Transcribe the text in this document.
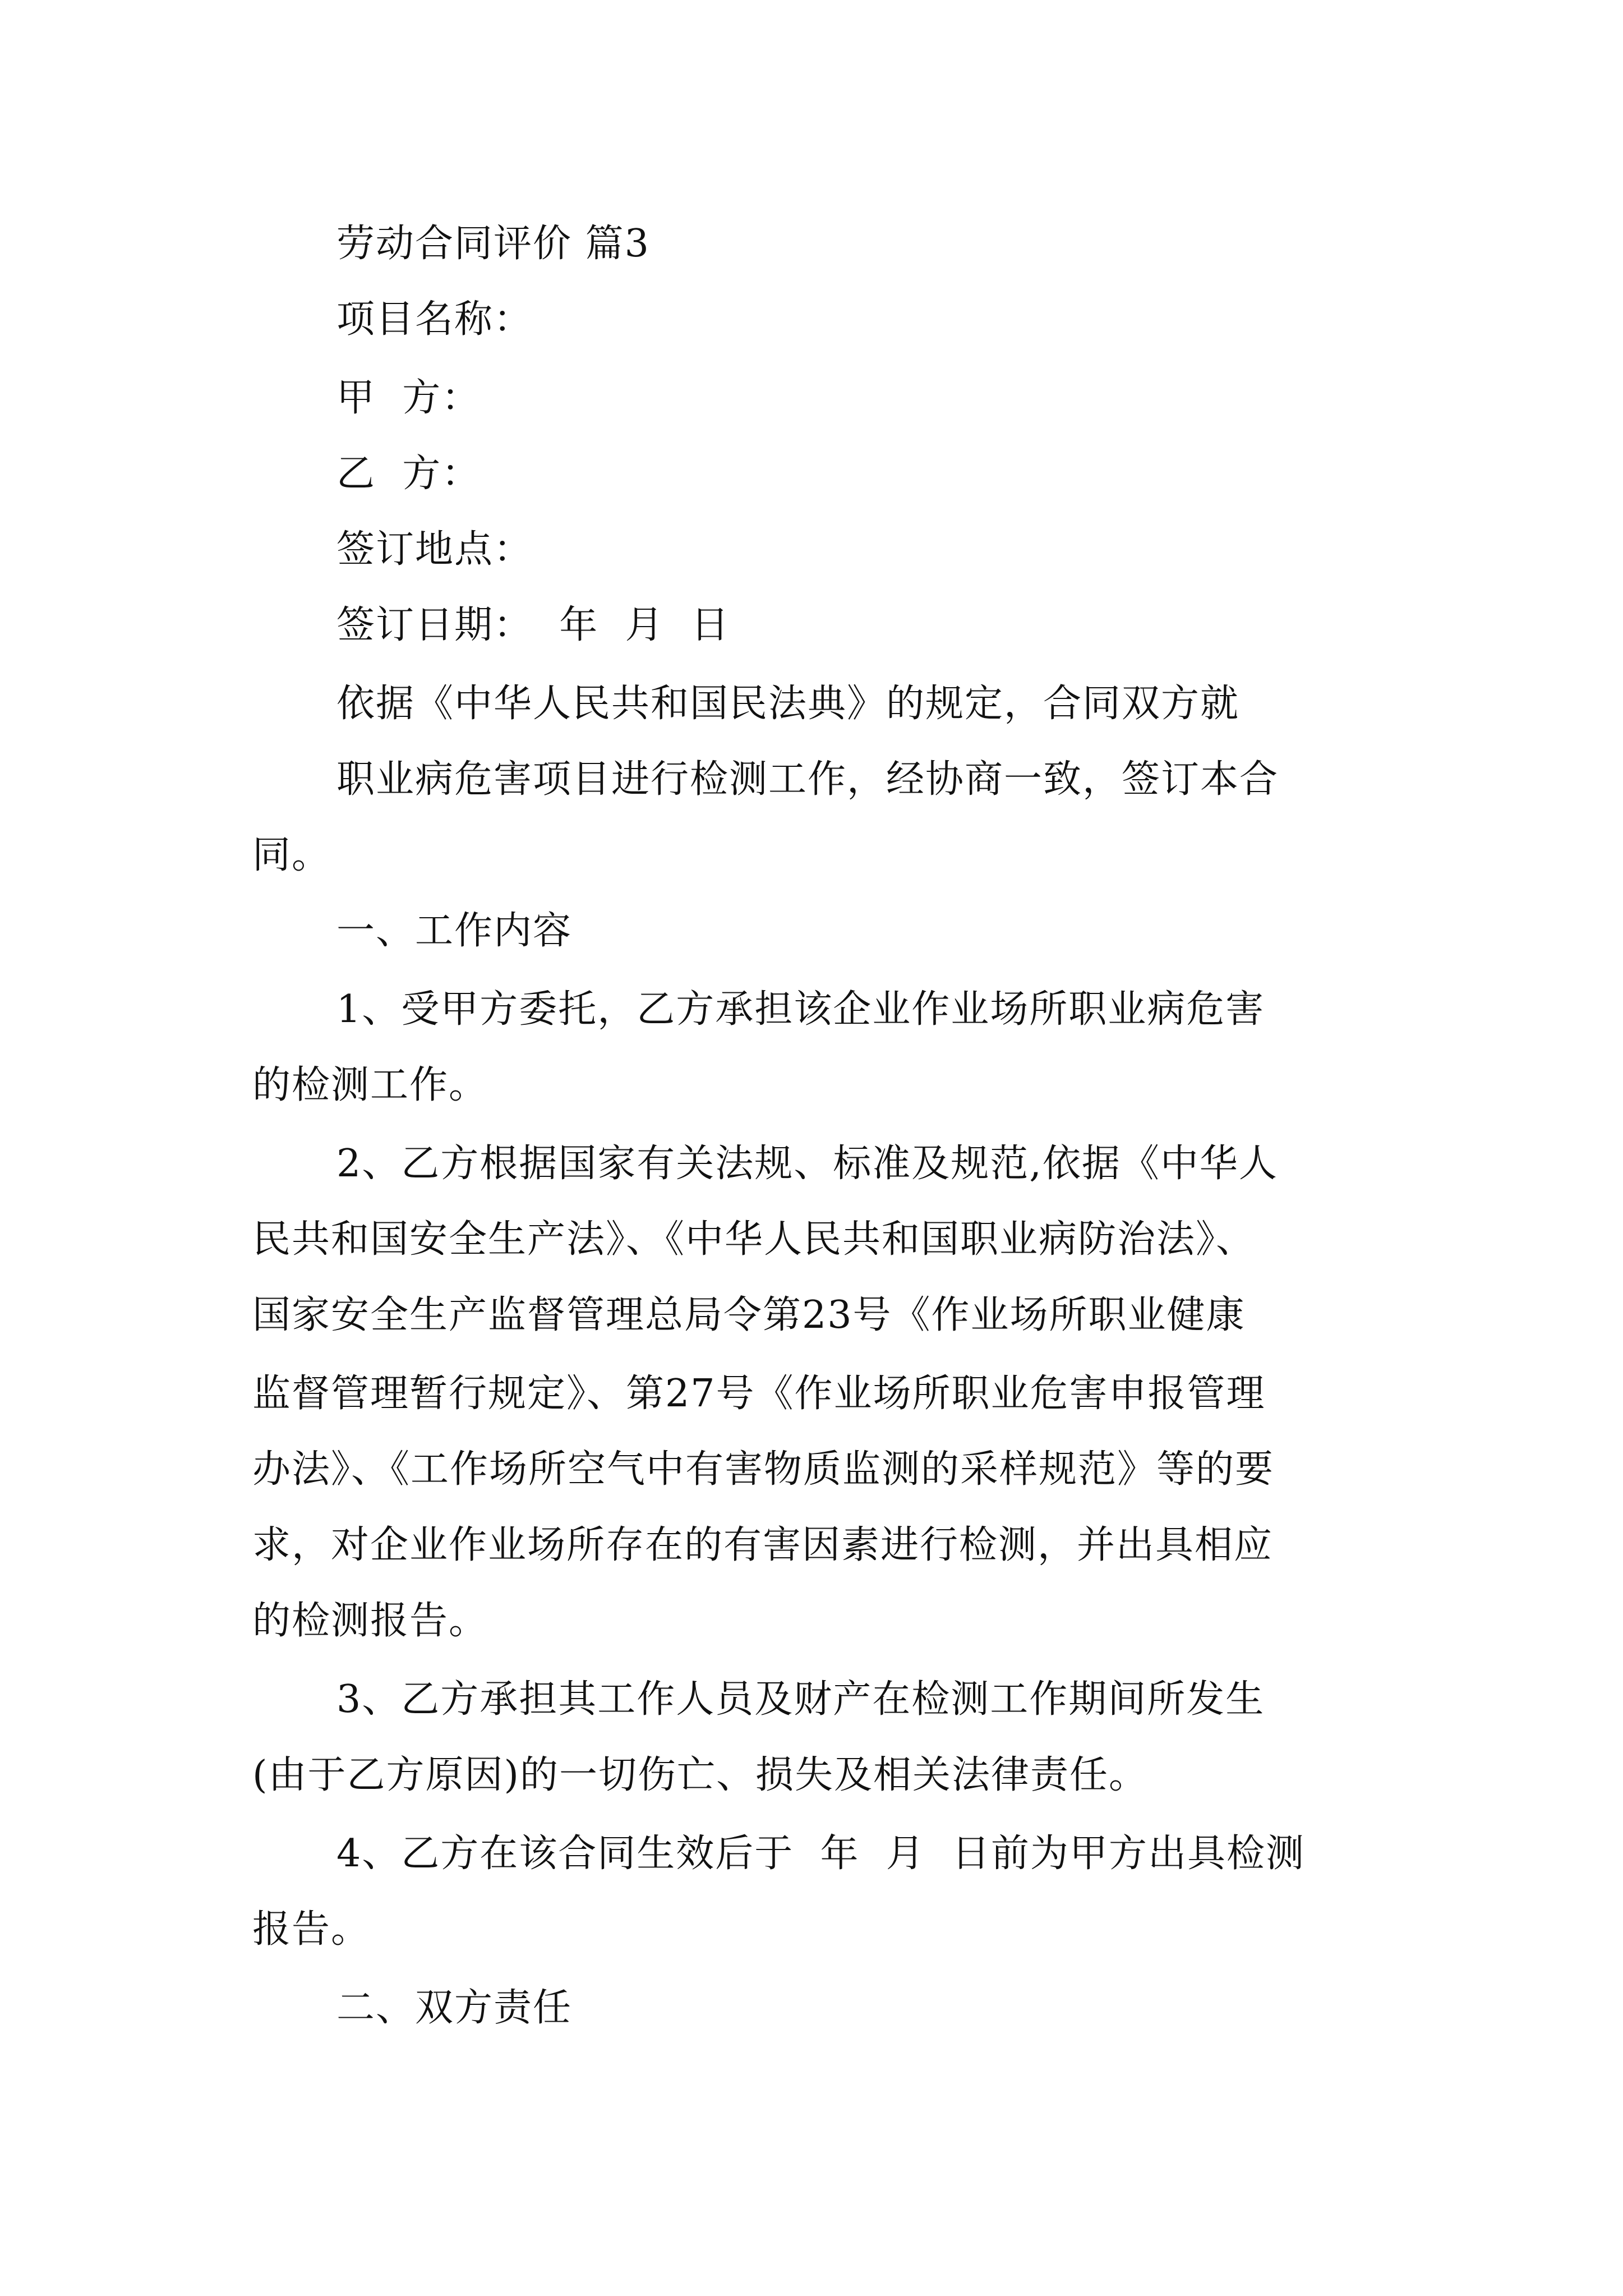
劳动合同评价 篇3
项目名称：
甲  方：
乙  方：
签订地点：
签订日期：  年  月  日
依据《中华人民共和国民法典》的规定，合同双方就
职业病危害项目进行检测工作，经协商一致，签订本合
同。
一、工作内容
1、受甲方委托，乙方承担该企业作业场所职业病危害
的检测工作。
2、乙方根据国家有关法规、标准及规范,依据《中华人
民共和国安全生产法》、《中华人民共和国职业病防治法》、
国家安全生产监督管理总局令第23号《作业场所职业健康
监督管理暂行规定》、第27号《作业场所职业危害申报管理
办法》、《工作场所空气中有害物质监测的采样规范》等的要
求，对企业作业场所存在的有害因素进行检测，并出具相应
的检测报告。
3、乙方承担其工作人员及财产在检测工作期间所发生
(由于乙方原因)的一切伤亡、损失及相关法律责任。
4、乙方在该合同生效后于  年  月  日前为甲方出具检测
报告。
二、双方责任
